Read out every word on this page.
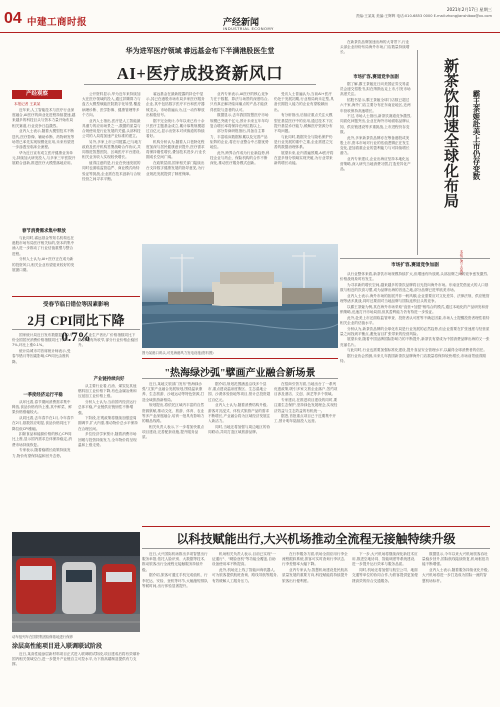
04 中建工商时报	产经新闻
INDUSTRIAL ECONOMY
2021年2月17日 星期三
责编:王某某 美编:王辉辉 电话:010-6853 0000 E-mail:zhongjianshibao@xx.com
华为进军医疗领域 睿远基金布下半满港股医生堂
AI+医疗成投资新风口
产经观察
本报记者 王某某

近年来,人工智能技术与医疗行业深度融合,AI医疗的商业化进程持续提速,越来越多的科技巨头与资本力量开始布局相关赛道,行业竞争日趋激烈。

业内人士表示,随着大模型技术不断迭代,医疗影像、辅助诊断、药物研发等场景已率先实现规模化应用,未来有望进一步渗透至临床全流程。

华为近日宣布成立医疗健康业务单元,持续加大研发投入,与多家三甲医院开展联合创新,推进医疗大模型落地应用。

春节消费需求集中释放

与此同时,睿远基金等知名机构也在港股市场布局医疗相关标的,资本的集中涌入进一步推动了行业估值重塑与整合进程。

分析人士认为,AI+医疗正在成为新的投资风口,相关企业有望迎来较好的发展窗口期。

公开资料显示,华为近年来持续加大在医疗领域的投入,通过昇腾算力与盘古大模型赋能医院数字化转型,覆盖病理诊断、医学影像、健康管理等多个方向。

业内人士指出,医疗是人工智能最具潜力的应用场景之一,数据的质量与合规使用是行业发展的关键,头部科技公司的入局将加速产业标准的建立。

另外,多家上市公司披露,已与地方政府及医疗机构签署战略合作协议,共同推进智慧医院、区域医疗平台建设,相关业务收入实现较快增长。

值得注意的是,行业在快速发展的同时也面临监管趋严、商业模式尚待验证等挑战,企业需在技术创新与合规经营之间寻求平衡。

睿远基金在最新披露的持仓中显示,其已在港股市场布局多家医疗服务企业,其中包括数字医疗平台和医疗器械龙头。市场普遍认为,这一动作释放出积极信号。

据不完全统计,今年以来已有十余只医疗主题基金成立,累计募集规模超过百亿元,显示出资本对该赛道的持续看好。

机构分析认为,随着人口老龄化程度加深与居民健康意识提升,医疗需求将保持刚性增长,叠加技术进步,行业长期成长空间广阔。

在政策层面,国家相关部门陆续出台支持数字健康发展的指导意见,为行业规范发展提供了制度保障。

业内专家表示,AI医疗的核心竞争力在于数据、算法与场景的深度结合,只有真正解决临床痛点的产品才能获得医院与患者的认可。

数据显示,去年我国智慧医疗市场规模已突破千亿元,预计未来五年年均复合增长率将保持在两位数以上。

部分券商研报指出,具备自主算力、丰富临床数据积累以及完善产品矩阵的企业,将在行业整合中占据优势地位。

此外,跨界合作成为行业新趋势,科技企业与药企、保险机构的合作不断深化,推动医疗服务模式创新。

受访人士普遍认为,当前AI+医疗仍处于发展初期,行业格局尚未定型,具备长期投入能力的企业有望脱颖而出。

有分析指出,后续应重点关注大模型在基层医疗中的应用,通过技术下沉提升基层诊疗能力,缓解医疗资源分布不均问题。

与此同时,数据安全与隐私保护仍是行业发展的重中之重,企业需建立完善的数据治理体系。

展望未来,业内普遍预期,AI医疗将在更多细分领域实现突破,为行业带来新的增长动能。

在新茶饮品牌加速出海的大背景下,行业头部企业纷纷布局海外市场,门店数量持续增长。

市场扩容,赛道竞争加剧

据了解,霸王茶姬近日向美国证券交易委员会递交招股书,拟在纳斯达克上市,引发市场高度关注。

招股书显示,霸王茶姬全球门店数已超过六千家,海外门店主要分布在东南亚地区,近两年营收保持高速增长。

不过,市场人士指出,新茶饮赛道竞争激烈,同质化问题突出,企业在海外市场面临品牌认知、供应链建设等多重挑战,上市进程仍存变数。

此外,多家新茶饮品牌亦在筹备港股或美股上市,资本市场对行业的估值逻辑正在发生变化,更加看重企业的盈利能力与可持续增长潜力。

业内专家建议,企业出海应坚持本地化运营策略,深入研究当地消费习惯,打造差异化产品。	新茶饮加速全球化布局	霸王茶姬赴美上市仍存变数
本报记者 王某某
图为某港口码头,可见海港风力发电设施(资料图)
受春节临日错位等因素影响
2月 CPI同比下降 0.7%

国家统计局近日发布数据显示,2月份全国居民消费价格指数同比下降0.7%,环比上涨0.1%。

统计局城市司首席统计师表示,受春节错月等因素影响,CPI同比由涨转降。

一季度经济运行平稳

从环比看,春节期间消费需求集中释放,食品价格有所上涨,其中鲜菜、鲜果价格涨幅较大。

从同比看,去年春节在1月,今年春节在2月,基数效应明显,食品价格同比下降拉低CPI涨幅。

扣除食品和能源价格的核心CPI同比上涨,显示国内需求总体保持稳定,消费市场持续恢复。

专家表示,随着稳增长政策持续发力,物价有望保持温和回升态势。

工业生产者出厂价格指数同比下降,降幅有所收窄,部分行业价格企稳回升。

产业链持续向好

从主要行业看,石油、煤炭及其他燃料加工业价格下降,有色金属冶炼和压延加工业价格上涨。

分析人士认为,当前国内经济运行总体平稳,产业链供应链韧性不断增强。

下阶段,宏观政策将继续加强逆周期调节,扩大内需,推动物价总水平保持在合理区间。

多位经济学家预计,随着消费市场回暖与投资持续发力,全年物价将呈现温和上涨走势。

动车组列车在国铁集团检修基地进行保养
涂层高性能项目进入联调联试阶段

近日,某高性能涂层新材料项目正式进入联调联试阶段,项目建成后将有效填补国内相关领域空白,进一步提升产业链自主可控水平,为下游高端制造提供有力支撑。

"热海绿沙弧"擘画产业融合新场景

近日,某地文旅部门发布"热海绿沙弧"文旅产业融合发展规划,围绕温泉康养、生态旅游、沙地运动等特色资源,打造全域旅游新格局。

规划提出,将依托区域内丰富的自然资源禀赋,推动文化、旅游、体育、农业等多产业深度融合,培育一批具有影响力的精品线路。

相关负责人表示,下一步将加快重点项目建设,完善配套设施,提升服务品质。

据介绍,规划范围涵盖沿线多个县市,重点建设温泉度假区、生态湿地公园、沙漠体验营地等项目,预计总投资超过百亿元。

业内人士认为,随着消费结构升级,游客对沉浸式、体验式旅游产品的需求不断增长,产业融合将为区域经济发展注入新活力。

同时,当地还将加强与周边地区的协同联动,共同打造区域旅游品牌。

在招商引资方面,当地出台了一系列优惠政策,吸引多家文旅企业落户,签约项目涉及酒店、文创、演艺等多个领域。

专家建议,在推进项目建设的同时,要注重生态保护,坚持绿色发展理念,实现经济效益与生态效益的有机统一。

据悉,首批重点项目已于近期集中开工,预计明年陆续投入运营。

市场扩容,赛道竞争加剧

从行业整体来看,新茶饮市场规模持续扩大,但增速有所放缓,头部品牌之间的竞争愈发激烈,价格战现象时有发生。

为寻求新的增长空间,越来越多的茶饮品牌将目光投向海外市场。东南亚凭借庞大的人口基数与相近的饮食习惯,成为品牌出海的首选之地,部分品牌已进军欧美市场。

业内人士表示,海外市场的拓展并非一帆风顺,企业需要应对文化差异、法律法规、供应链管理等诸多挑战,同时还要面对当地品牌与国际连锁巨头的竞争。

以霸王茶姬为例,其在海外市场采取"直营+加盟"相结合的模式,通过本地化的产品研发和营销策略,迅速打开市场局面,但其盈利能力仍有待进一步验证。

此外,赴美上市还面临监管审查、投资者认可度等不确定因素,市场人士提醒投资者理性看待相关企业的估值水平。

分析认为,新茶饮品牌的全球化布局是行业发展的必然趋势,但企业需要在扩张速度与经营质量之间找到平衡点,避免盲目扩张带来的经营风险。

展望未来,随着中国品牌国际影响力的不断提升,新茶饮有望成为中国消费品牌出海的又一张亮丽名片。

与此同时,行业也需要加强标准化建设,提升食品安全管理水平,以赢得全球消费者的信任。

据行业协会预测,未来几年我国新茶饮品牌海外门店数量将保持较快增长,市场前景值得期待。

以科技赋能出行,大兴机场推动全流程无接触特续升级

近日,大兴国际机场推出多项智慧出行服务举措,依托人脸识别、大数据等技术,推动旅客出行全流程无接触服务持续升级。

据介绍,旅客可通过手机完成值机、行李托运、安检、登机等环节,大幅缩短排队等候时间,出行体验显著提升。

机场相关负责人表示,目前已实现"一证通行"、"刷脸登机"等功能全覆盖,自助设备使用率不断提高。

此外,机场还上线了智能问询机器人,可为旅客提供航班查询、路线导航等服务,有效缓解人工服务压力。

在行李服务方面,机场全面应用行李全流程跟踪系统,旅客可实时查询行李状态,行李差错率大幅下降。

业内专家认为,智慧机场建设是民航高质量发展的重要方向,科技赋能将持续提升旅客出行便利度。

下一步,大兴机场将继续深化新技术应用,推进空地协同、智能调度等系统建设,进一步提升运行效率与服务品质。

同时,机场还将加强与航空公司、地面交通等单位的协同合作,为旅客提供更加便捷高效的综合交通服务。

数据显示,今年以来大兴机场旅客吞吐量稳步回升,国际航线陆续恢复,机场枢纽功能不断增强。

业内人士表示,随着服务持续优化升级,大兴机场将进一步打造成为国际一流的智慧机场标杆。
